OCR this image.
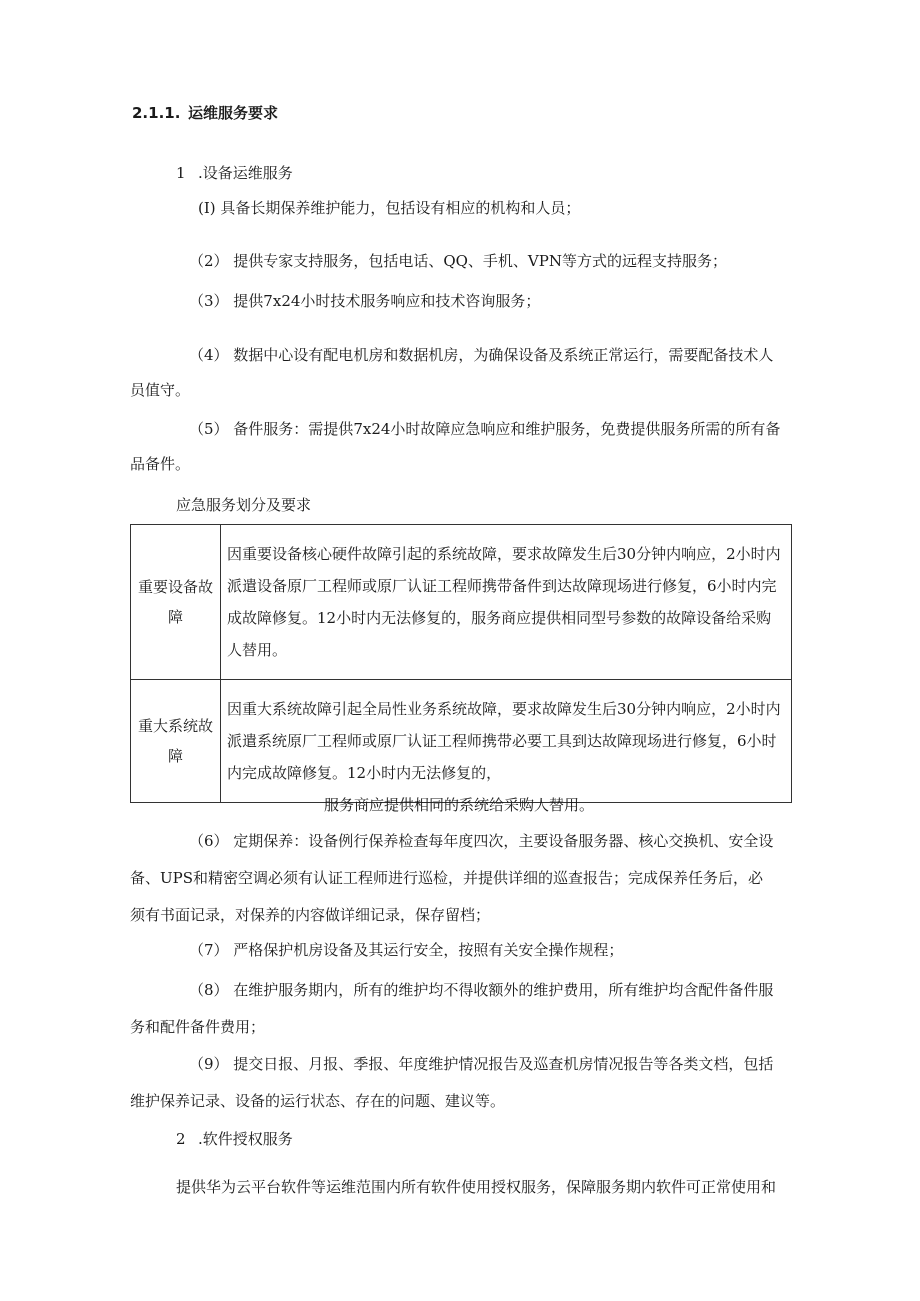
2.1.1. 运维服务要求
1 .设备运维服务
(I) 具备长期保养维护能力，包括设有相应的机构和人员；
（2） 提供专家支持服务，包括电话、QQ、手机、VPN等方式的远程支持服务；
（3） 提供7x24小时技术服务响应和技术咨询服务；
（4） 数据中心设有配电机房和数据机房，为确保设备及系统正常运行，需要配备技术人
员值守。
（5） 备件服务：需提供7x24小时故障应急响应和维护服务，免费提供服务所需的所有备
品备件。
应急服务划分及要求
重要设备故障	因重要设备核心硬件故障引起的系统故障，要求故障发生后30分钟内响应，2小时内派遣设备原厂工程师或原厂认证工程师携带备件到达故障现场进行修复，6小时内完成故障修复。12小时内无法修复的，服务商应提供相同型号参数的故障设备给采购人替用。
重大系统故障	因重大系统故障引起全局性业务系统故障，要求故障发生后30分钟内响应，2小时内派遣系统原厂工程师或原厂认证工程师携带必要工具到达故障现场进行修复，6小时内完成故障修复。12小时内无法修复的，
服务商应提供相同的系统给采购人替用。
（6） 定期保养：设备例行保养检查每年度四次，主要设备服务器、核心交换机、安全设
备、UPS和精密空调必须有认证工程师进行巡检，并提供详细的巡查报告；完成保养任务后，必
须有书面记录，对保养的内容做详细记录，保存留档；
（7） 严格保护机房设备及其运行安全，按照有关安全操作规程；
（8） 在维护服务期内，所有的维护均不得收额外的维护费用，所有维护均含配件备件服
务和配件备件费用；
（9） 提交日报、月报、季报、年度维护情况报告及巡查机房情况报告等各类文档，包括
维护保养记录、设备的运行状态、存在的问题、建议等。
2 .软件授权服务
提供华为云平台软件等运维范围内所有软件使用授权服务，保障服务期内软件可正常使用和
